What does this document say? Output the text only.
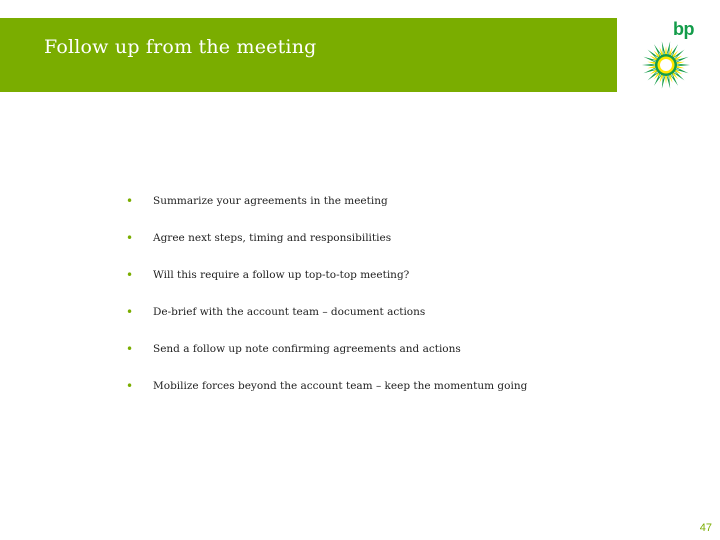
Follow up from the meeting
bp
• Summarize your agreements in the meeting
• Agree next steps, timing and responsibilities
• Will this require a follow up top-to-top meeting?
• De-brief with the account team – document actions
• Send a follow up note confirming agreements and actions
• Mobilize forces beyond the account team – keep the momentum going
47
